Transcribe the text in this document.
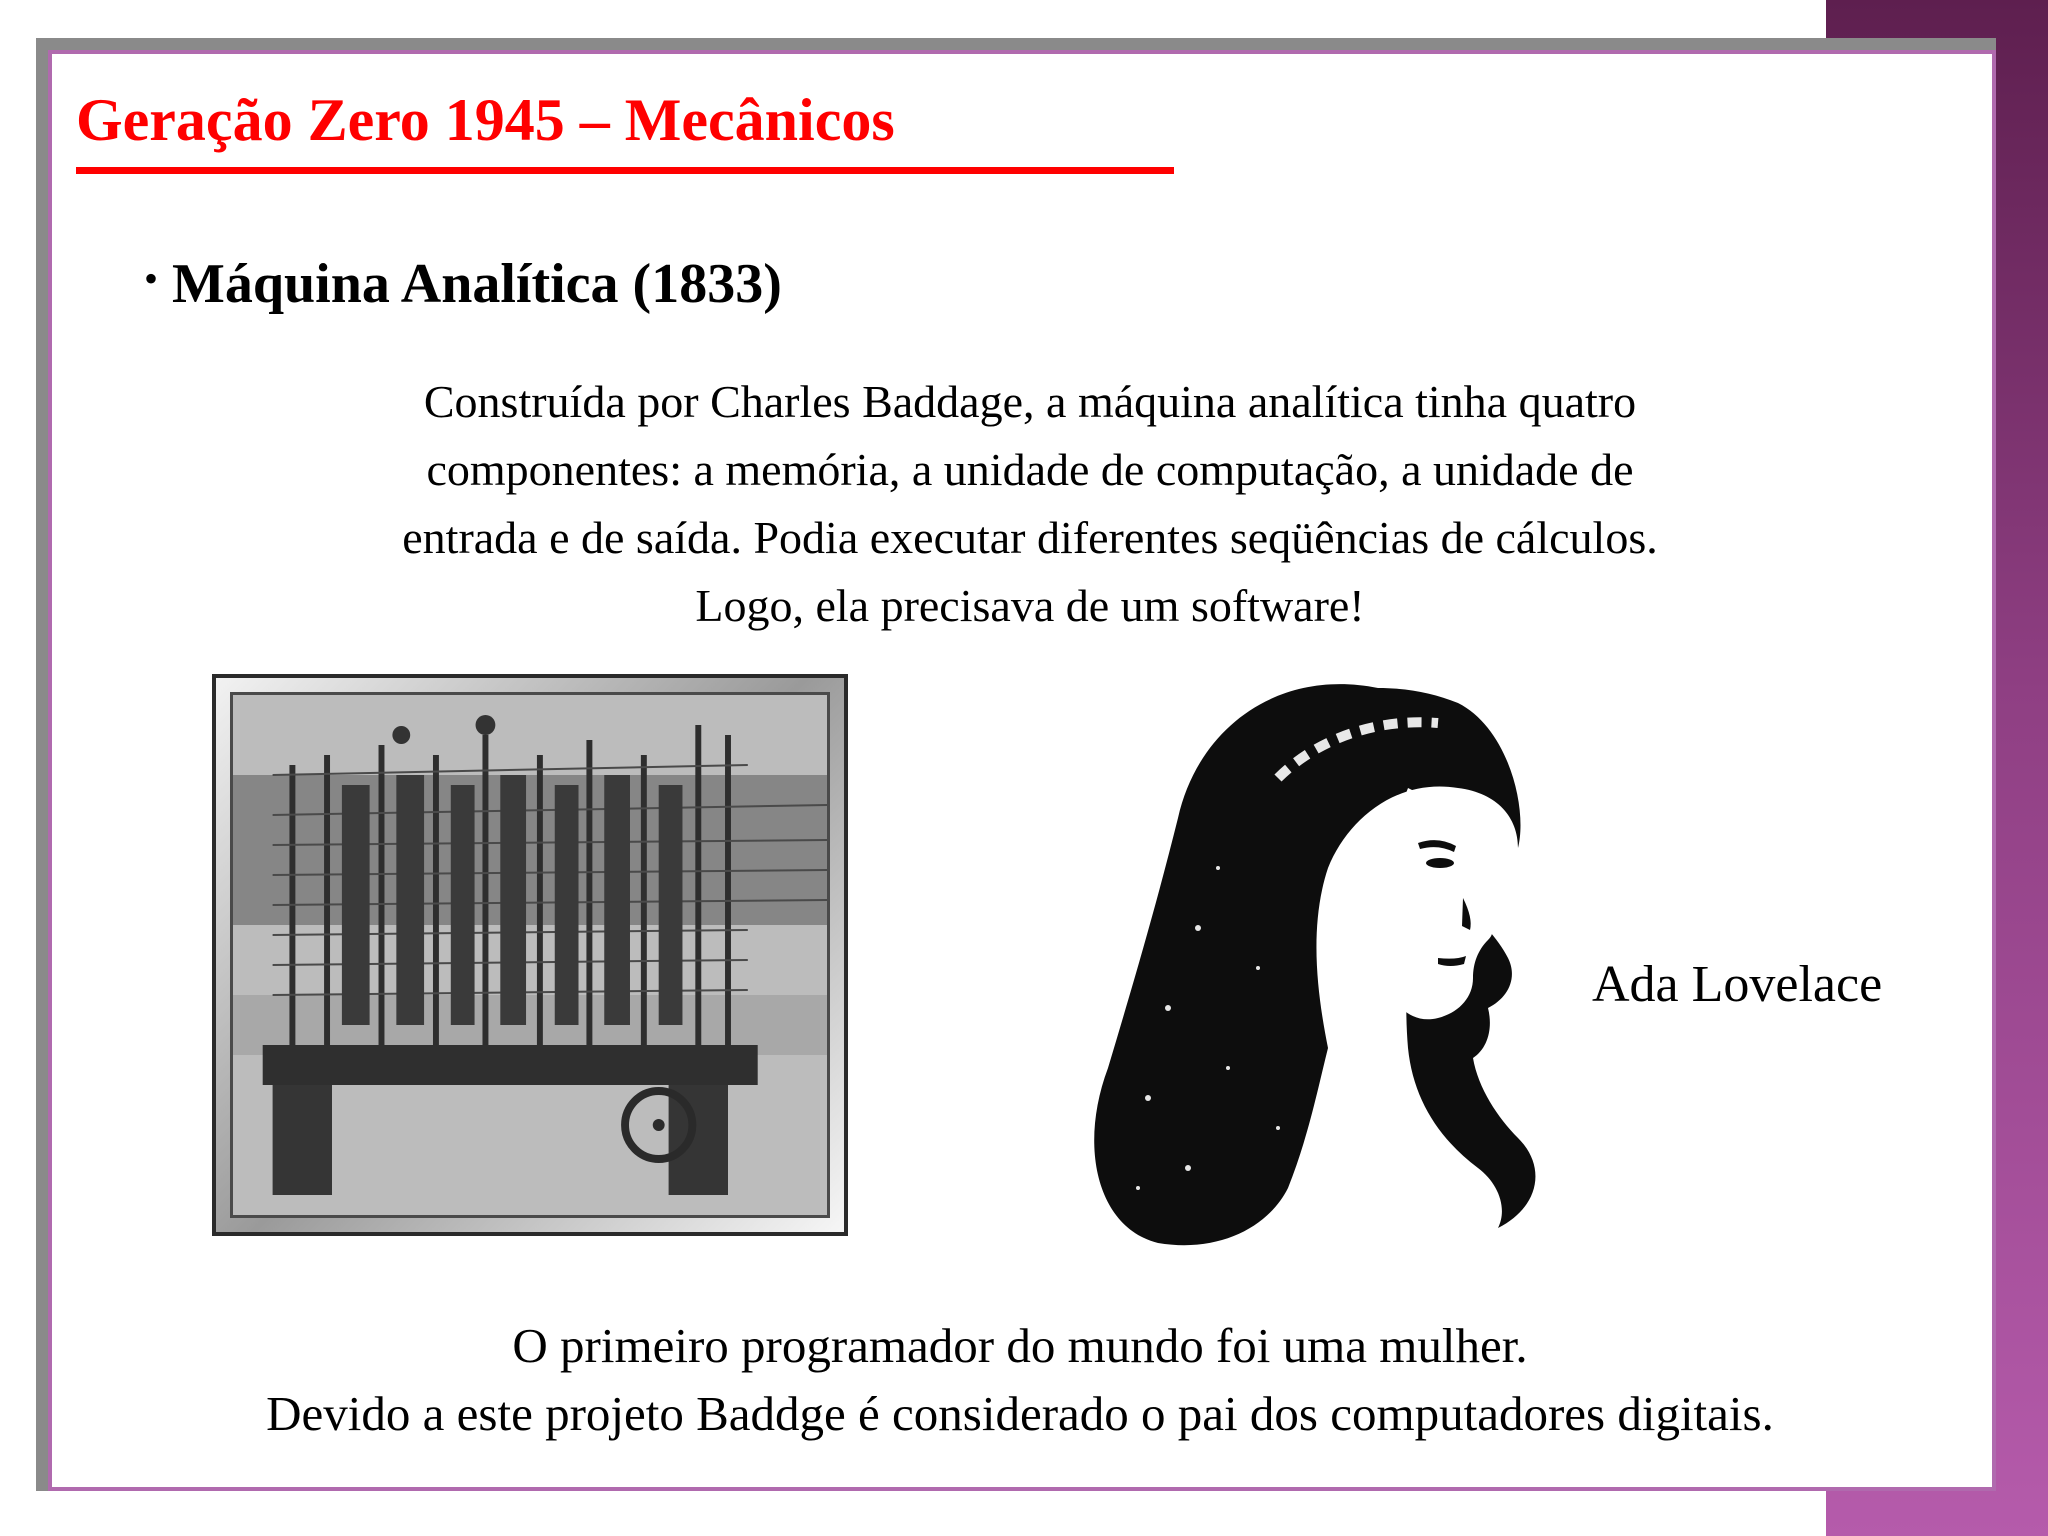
Geração Zero 1945 – Mecânicos
• Máquina Analítica (1833)
Construída por Charles Baddage, a máquina analítica tinha quatro
componentes: a memória, a unidade de computação, a unidade de
entrada e de saída. Podia executar diferentes seqüências de cálculos.
Logo, ela precisava de um software!
Ada Lovelace
O primeiro programador do mundo foi uma mulher.
Devido a este projeto Baddge é considerado o pai dos computadores digitais.
